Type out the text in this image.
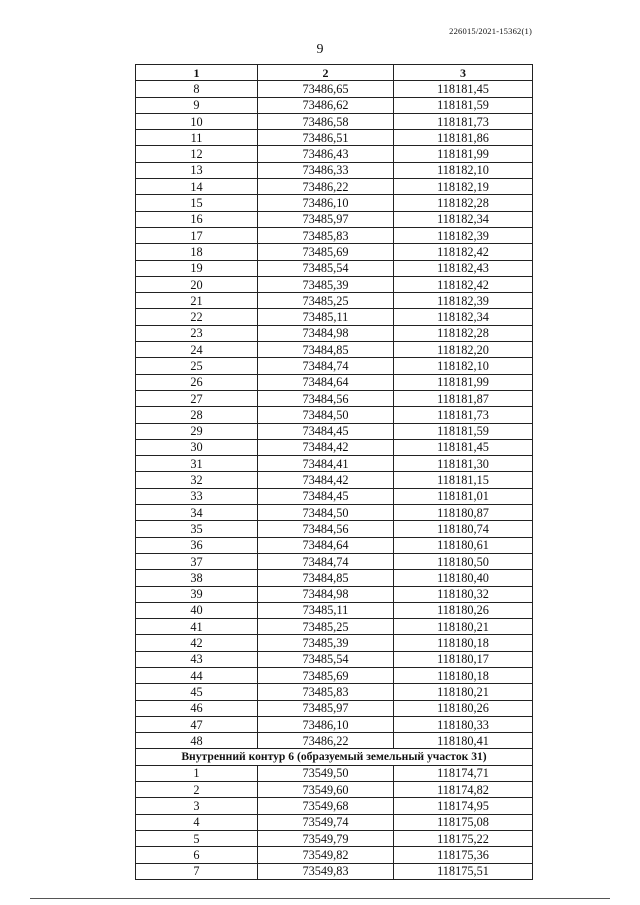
226015/2021-15362(1)
9
1	2	3
8	73486,65	118181,45
9	73486,62	118181,59
10	73486,58	118181,73
11	73486,51	118181,86
12	73486,43	118181,99
13	73486,33	118182,10
14	73486,22	118182,19
15	73486,10	118182,28
16	73485,97	118182,34
17	73485,83	118182,39
18	73485,69	118182,42
19	73485,54	118182,43
20	73485,39	118182,42
21	73485,25	118182,39
22	73485,11	118182,34
23	73484,98	118182,28
24	73484,85	118182,20
25	73484,74	118182,10
26	73484,64	118181,99
27	73484,56	118181,87
28	73484,50	118181,73
29	73484,45	118181,59
30	73484,42	118181,45
31	73484,41	118181,30
32	73484,42	118181,15
33	73484,45	118181,01
34	73484,50	118180,87
35	73484,56	118180,74
36	73484,64	118180,61
37	73484,74	118180,50
38	73484,85	118180,40
39	73484,98	118180,32
40	73485,11	118180,26
41	73485,25	118180,21
42	73485,39	118180,18
43	73485,54	118180,17
44	73485,69	118180,18
45	73485,83	118180,21
46	73485,97	118180,26
47	73486,10	118180,33
48	73486,22	118180,41
Внутренний контур 6 (образуемый земельный участок 31)		
1	73549,50	118174,71
2	73549,60	118174,82
3	73549,68	118174,95
4	73549,74	118175,08
5	73549,79	118175,22
6	73549,82	118175,36
7	73549,83	118175,51
